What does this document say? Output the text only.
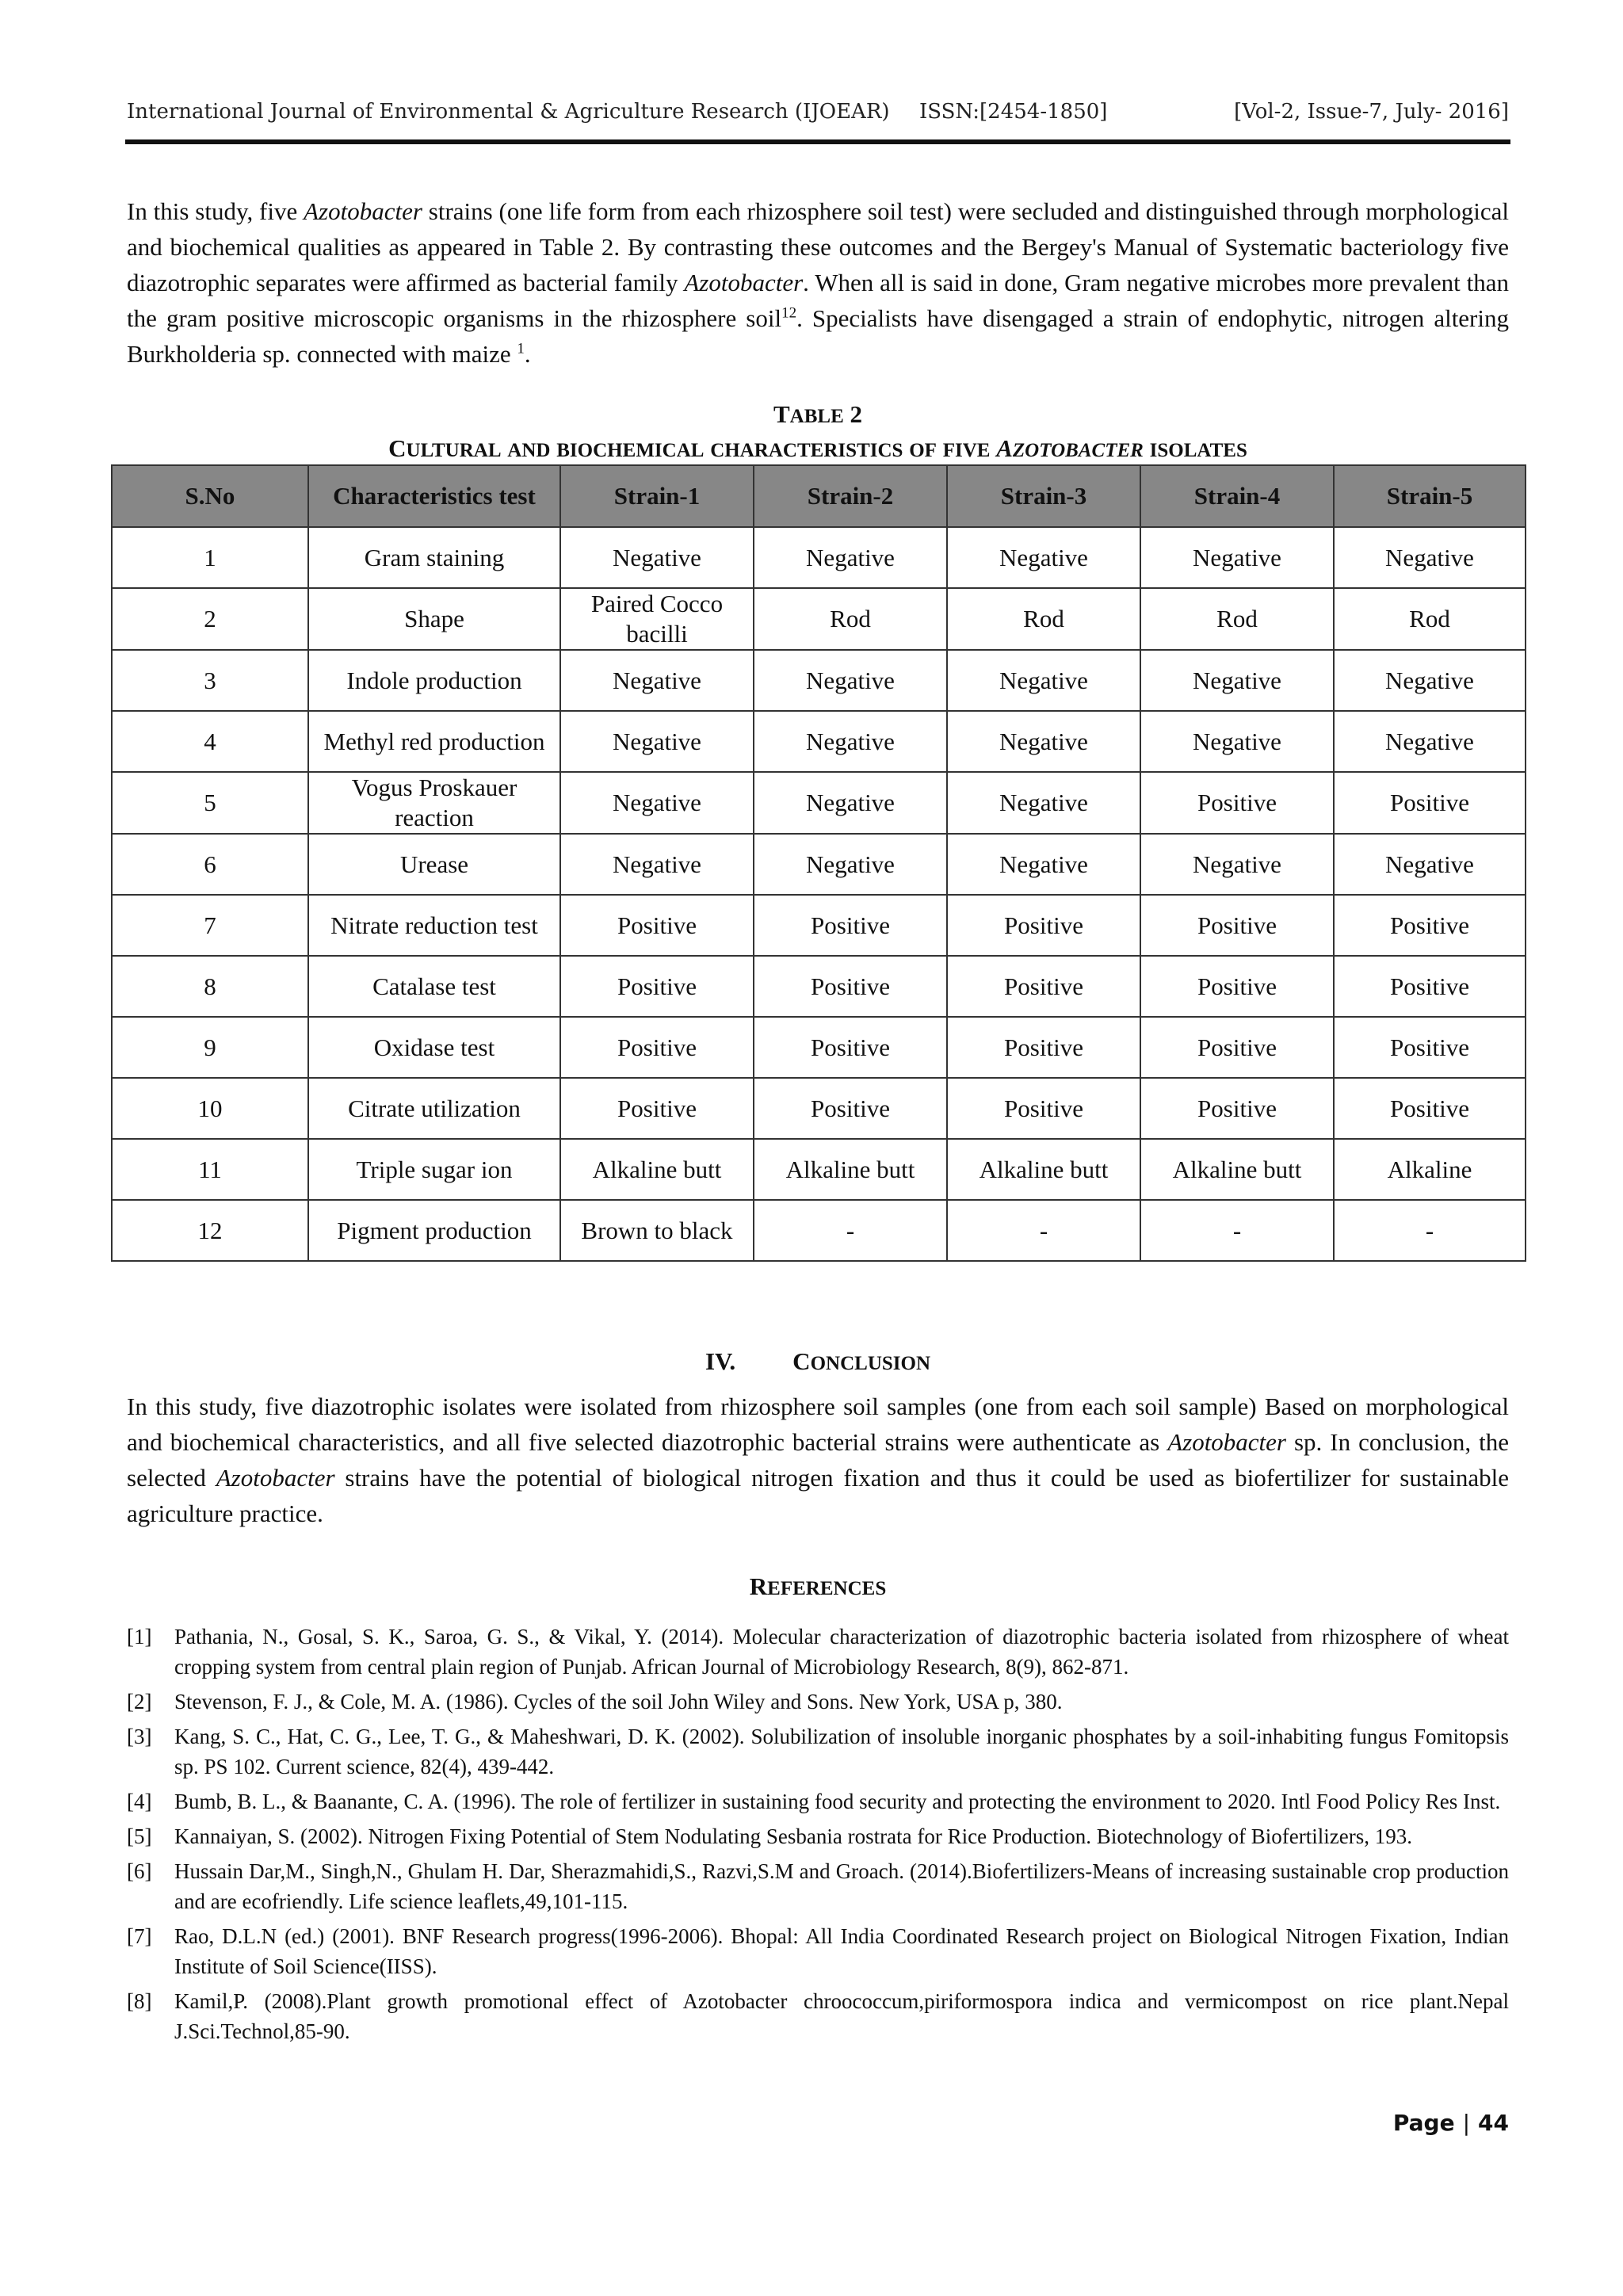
International Journal of Environmental & Agriculture Research (IJOEAR) ISSN:[2454-1850]	[Vol-2, Issue-7, July- 2016]

In this study, five Azotobacter strains (one life form from each rhizosphere soil test) were secluded and distinguished through morphological and biochemical qualities as appeared in Table 2. By contrasting these outcomes and the Bergey's Manual of Systematic bacteriology five diazotrophic separates were affirmed as bacterial family Azotobacter. When all is said in done, Gram negative microbes more prevalent than the gram positive microscopic organisms in the rhizosphere soil$^{12}$. Specialists have disengaged a strain of endophytic, nitrogen altering Burkholderia sp. connected with maize $^1$.

TABLE 2

CULTURAL AND BIOCHEMICAL CHARACTERISTICS OF FIVE AZOTOBACTER ISOLATES

S.No	Characteristics test	Strain-1	Strain-2	Strain-3	Strain-4	Strain-5
1	Gram staining	Negative	Negative	Negative	Negative	Negative
2	Shape	Paired Cocco bacilli	Rod	Rod	Rod	Rod
3	Indole production	Negative	Negative	Negative	Negative	Negative
4	Methyl red production	Negative	Negative	Negative	Negative	Negative
5	Vogus Proskauer reaction	Negative	Negative	Negative	Positive	Positive
6	Urease	Negative	Negative	Negative	Negative	Negative
7	Nitrate reduction test	Positive	Positive	Positive	Positive	Positive
8	Catalase test	Positive	Positive	Positive	Positive	Positive
9	Oxidase test	Positive	Positive	Positive	Positive	Positive
10	Citrate utilization	Positive	Positive	Positive	Positive	Positive
11	Triple sugar ion	Alkaline butt	Alkaline butt	Alkaline butt	Alkaline butt	Alkaline
12	Pigment production	Brown to black	-	-	-	-

IV. CONCLUSION

In this study, five diazotrophic isolates were isolated from rhizosphere soil samples (one from each soil sample) Based on morphological and biochemical characteristics, and all five selected diazotrophic bacterial strains were authenticate as Azotobacter sp. In conclusion, the selected Azotobacter strains have the potential of biological nitrogen fixation and thus it could be used as biofertilizer for sustainable agriculture practice.

REFERENCES

[1] Pathania, N., Gosal, S. K., Saroa, G. S., & Vikal, Y. (2014). Molecular characterization of diazotrophic bacteria isolated from rhizosphere of wheat cropping system from central plain region of Punjab. African Journal of Microbiology Research, 8(9), 862-871.
[2] Stevenson, F. J., & Cole, M. A. (1986). Cycles of the soil John Wiley and Sons. New York, USA p, 380.
[3] Kang, S. C., Hat, C. G., Lee, T. G., & Maheshwari, D. K. (2002). Solubilization of insoluble inorganic phosphates by a soil-inhabiting fungus Fomitopsis sp. PS 102. Current science, 82(4), 439-442.
[4] Bumb, B. L., & Baanante, C. A. (1996). The role of fertilizer in sustaining food security and protecting the environment to 2020. Intl Food Policy Res Inst.
[5] Kannaiyan, S. (2002). Nitrogen Fixing Potential of Stem Nodulating Sesbania rostrata for Rice Production. Biotechnology of Biofertilizers, 193.
[6] Hussain Dar,M., Singh,N., Ghulam H. Dar, Sherazmahidi,S., Razvi,S.M and Groach. (2014).Biofertilizers-Means of increasing sustainable crop production and are ecofriendly. Life science leaflets,49,101-115.
[7] Rao, D.L.N (ed.) (2001). BNF Research progress(1996-2006). Bhopal: All India Coordinated Research project on Biological Nitrogen Fixation, Indian Institute of Soil Science(IISS).
[8] Kamil,P. (2008).Plant growth promotional effect of Azotobacter chroococcum,piriformospora indica and vermicompost on rice plant.Nepal J.Sci.Technol,85-90.
Page | 44
